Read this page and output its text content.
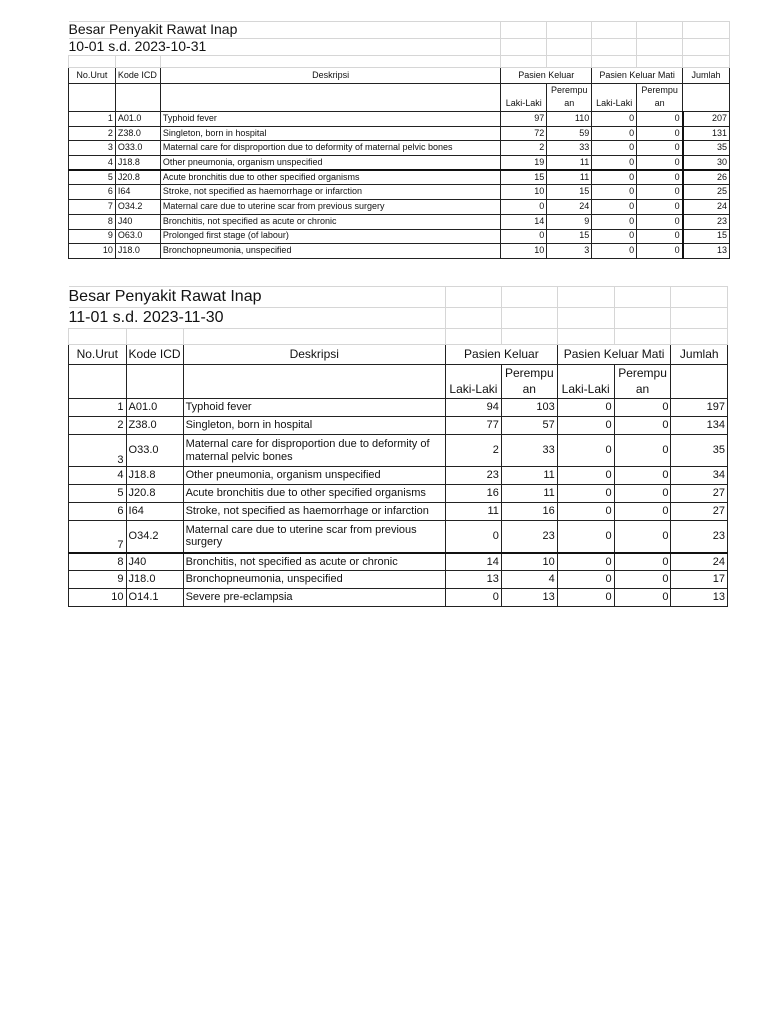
Besar Penyakit Rawat Inap							
10-01 s.d. 2023-10-31							

No.Urut	Kode ICD	Deskripsi	Pasien Keluar		Pasien Keluar Mati		Jumlah
				Perempu		Perempu	
			Laki-Laki	an	Laki-Laki	an	
1	A01.0	Typhoid fever	97	110	0	0	207
2	Z38.0	Singleton, born in hospital	72	59	0	0	131
3	O33.0	Maternal care for disproportion due to deformity of maternal pelvic bones	2	33	0	0	35
4	J18.8	Other pneumonia, organism unspecified	19	11	0	0	30
5	J20.8	Acute bronchitis due to other specified organisms	15	11	0	0	26
6	I64	Stroke, not specified as haemorrhage or infarction	10	15	0	0	25
7	O34.2	Maternal care due to uterine scar from previous surgery	0	24	0	0	24
8	J40	Bronchitis, not specified as acute or chronic	14	9	0	0	23
9	O63.0	Prolonged first stage (of labour)	0	15	0	0	15
10	J18.0	Bronchopneumonia, unspecified	10	3	0	0	13
Besar Penyakit Rawat Inap							
11-01 s.d. 2023-11-30							

No.Urut	Kode ICD	Deskripsi	Pasien Keluar		Pasien Keluar Mati		Jumlah
				Perempu		Perempu	
			Laki-Laki	an	Laki-Laki	an	
1	A01.0	Typhoid fever	94	103	0	0	197
2	Z38.0	Singleton, born in hospital	77	57	0	0	134
3	O33.0	Maternal care for disproportion due to deformity of maternal pelvic bones	2	33	0	0	35
4	J18.8	Other pneumonia, organism unspecified	23	11	0	0	34
5	J20.8	Acute bronchitis due to other specified organisms	16	11	0	0	27
6	I64	Stroke, not specified as haemorrhage or infarction	11	16	0	0	27
7	O34.2	Maternal care due to uterine scar from previous surgery	0	23	0	0	23
8	J40	Bronchitis, not specified as acute or chronic	14	10	0	0	24
9	J18.0	Bronchopneumonia, unspecified	13	4	0	0	17
10	O14.1	Severe pre-eclampsia	0	13	0	0	13
